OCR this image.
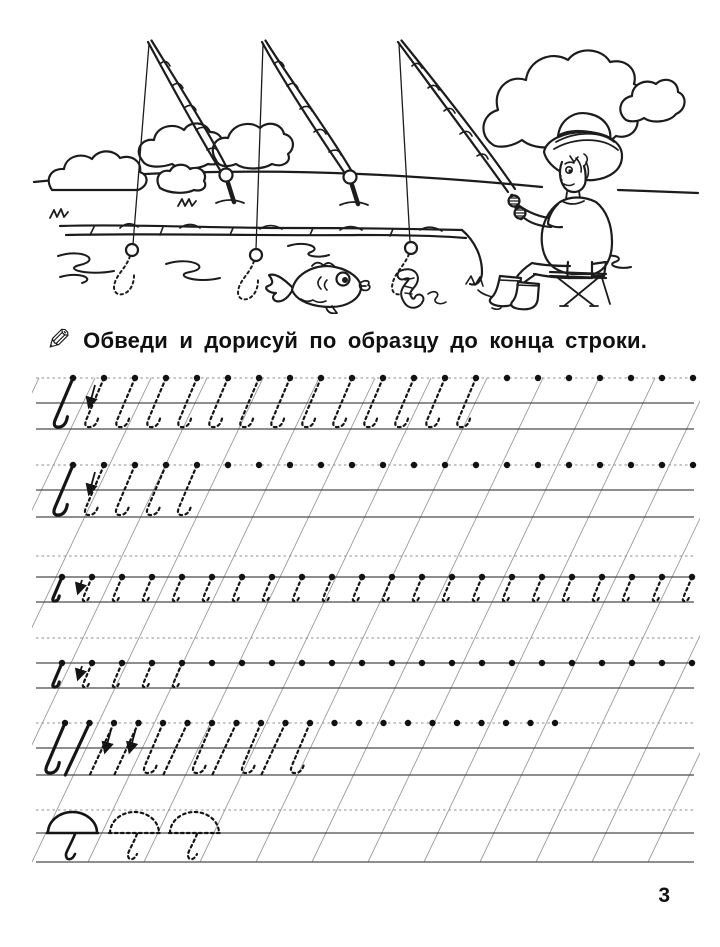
✎ Обведи и дорисуй по образцу до конца строки.
3
